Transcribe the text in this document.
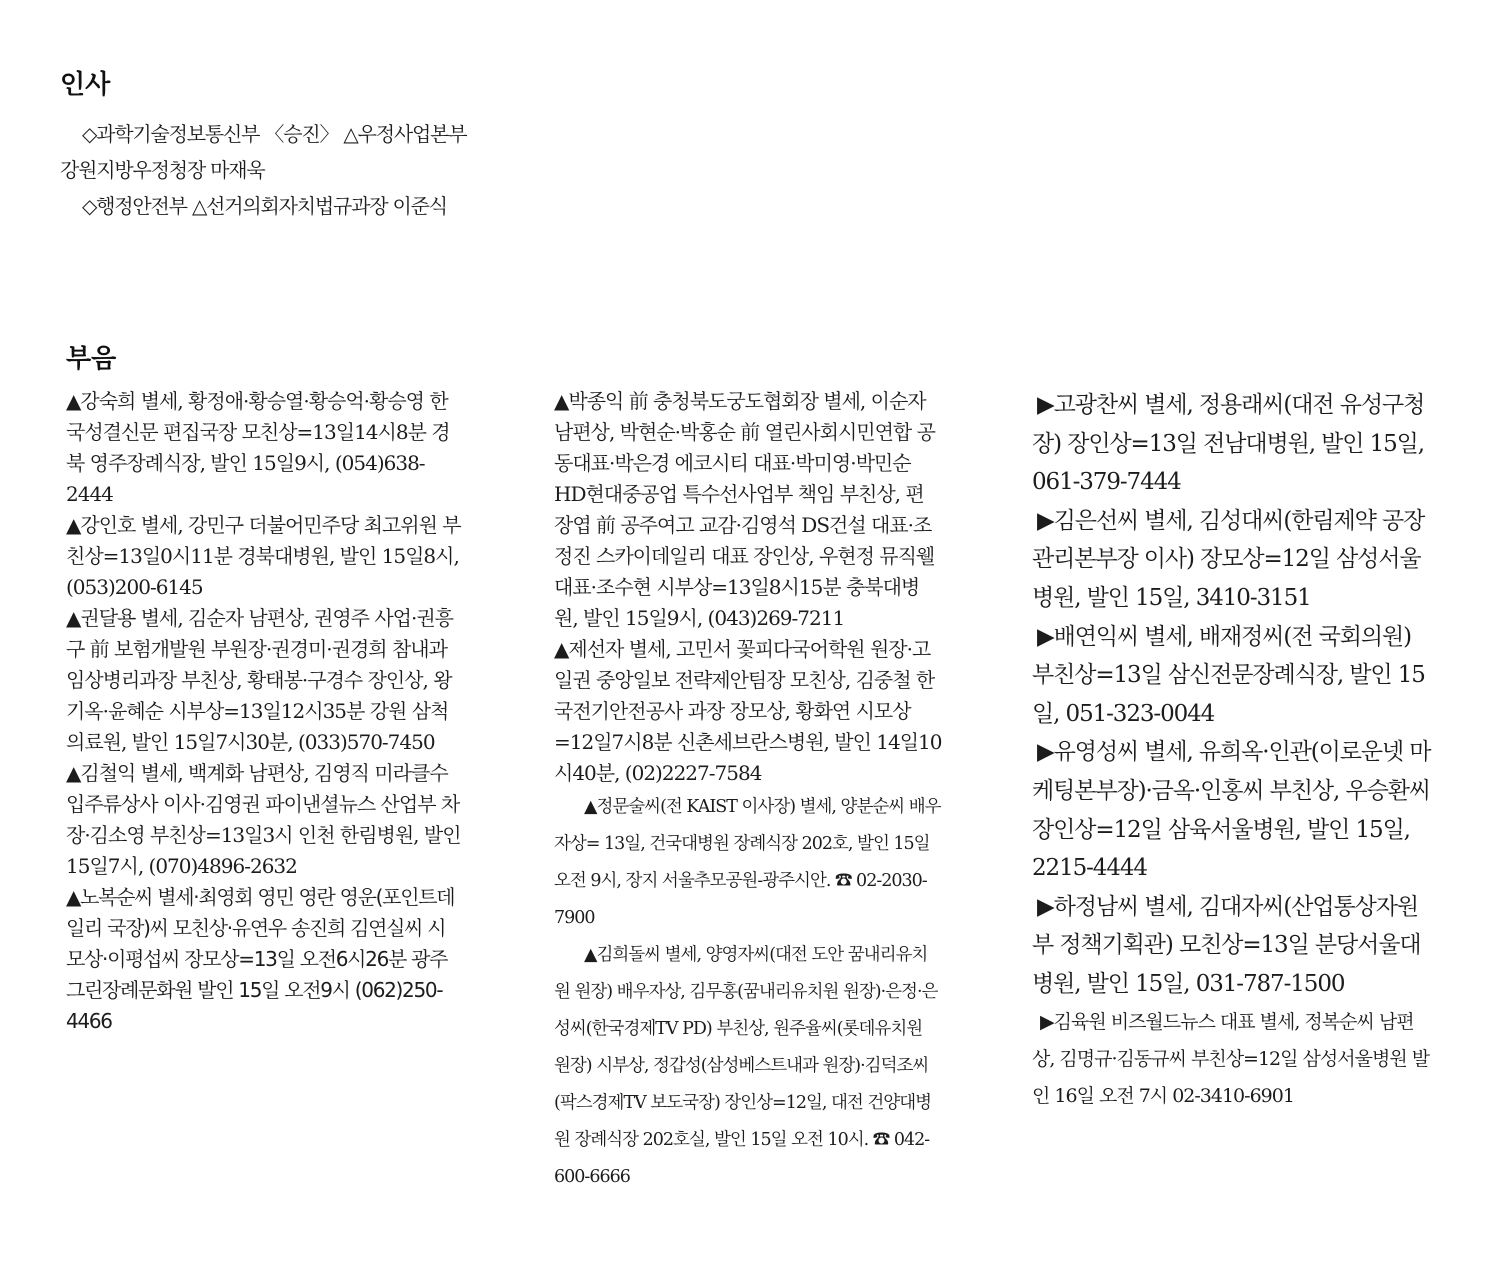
인사
◇과학기술정보통신부 〈승진〉 △우정사업본부
강원지방우정청장 마재욱
◇행정안전부 △선거의회자치법규과장 이준식
부음

▲강숙희 별세, 황정애·황승열·황승억·황승영 한국성결신문 편집국장 모친상=13일14시8분 경북 영주장례식장, 발인 15일9시, (054)638-2444

▲강인호 별세, 강민구 더불어민주당 최고위원 부친상=13일0시11분 경북대병원, 발인 15일8시, (053)200-6145

▲권달용 별세, 김순자 남편상, 권영주 사업·권흥구 前 보험개발원 부원장·권경미·권경희 참내과 임상병리과장 부친상, 황태봉·구경수 장인상, 왕기옥·윤혜순 시부상=13일12시35분 강원 삼척의료원, 발인 15일7시30분, (033)570-7450

▲김철익 별세, 백계화 남편상, 김영직 미라클수입주류상사 이사·김영권 파이낸셜뉴스 산업부 차장·김소영 부친상=13일3시 인천 한림병원, 발인 15일7시, (070)4896-2632

▲노복순씨 별세·최영회 영민 영란 영운(포인트데일리 국장)씨 모친상·유연우 송진희 김연실씨 시모상·이평섭씨 장모상=13일 오전6시26분 광주그린장례문화원 발인 15일 오전9시 (062)250-4466

▲박종익 前 충청북도궁도협회장 별세, 이순자 남편상, 박현순·박홍순 前 열린사회시민연합 공동대표·박은경 에코시티 대표·박미영·박민순 HD현대중공업 특수선사업부 책임 부친상, 편장엽 前 공주여고 교감·김영석 DS건설 대표·조정진 스카이데일리 대표 장인상, 우현정 뮤직웰 대표·조수현 시부상=13일8시15분 충북대병원, 발인 15일9시, (043)269-7211

▲제선자 별세, 고민서 꽃피다국어학원 원장·고일권 중앙일보 전략제안팀장 모친상, 김중철 한국전기안전공사 과장 장모상, 황화연 시모상=12일7시8분 신촌세브란스병원, 발인 14일10시40분, (02)2227-7584

▲정문술씨(전 KAIST 이사장) 별세, 양분순씨 배우자상= 13일, 건국대병원 장례식장 202호, 발인 15일 오전 9시, 장지 서울추모공원-광주시안. ☎ 02-2030-7900

▲김희돌씨 별세, 양영자씨(대전 도안 꿈내리유치원 원장) 배우자상, 김무홍(꿈내리유치원 원장)·은정·은성씨(한국경제TV PD) 부친상, 원주율씨(롯데유치원 원장) 시부상, 정갑성(삼성베스트내과 원장)·김덕조씨(팍스경제TV 보도국장) 장인상=12일, 대전 건양대병원 장례식장 202호실, 발인 15일 오전 10시. ☎ 042-600-6666

▶고광찬씨 별세, 정용래씨(대전 유성구청장) 장인상=13일 전남대병원, 발인 15일, 061-379-7444

▶김은선씨 별세, 김성대씨(한림제약 공장 관리본부장 이사) 장모상=12일 삼성서울병원, 발인 15일, 3410-3151

▶배연익씨 별세, 배재정씨(전 국회의원) 부친상=13일 삼신전문장례식장, 발인 15일, 051-323-0044

▶유영성씨 별세, 유희옥·인관(이로운넷 마케팅본부장)·금옥·인홍씨 부친상, 우승환씨 장인상=12일 삼육서울병원, 발인 15일, 2215-4444

▶하정남씨 별세, 김대자씨(산업통상자원부 정책기획관) 모친상=13일 분당서울대병원, 발인 15일, 031-787-1500

▶김육원 비즈월드뉴스 대표 별세, 정복순씨 남편상, 김명규·김동규씨 부친상=12일 삼성서울병원 발인 16일 오전 7시 02-3410-6901
